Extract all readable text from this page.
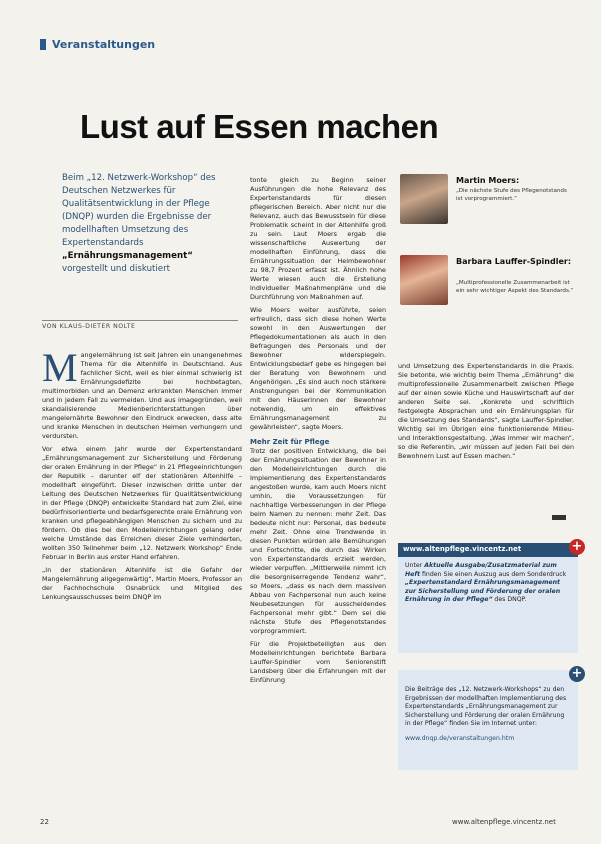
Veranstaltungen
Lust auf Essen machen
Beim „12. Netzwerk-Workshop“ des Deutschen Netzwerkes für Qualitätsentwicklung in der Pflege (DNQP) wurden die Ergebnisse der modellhaften Umsetzung des Expertenstandards „Ernährungsmanagement“ vorgestellt und diskutiert
VON KLAUS-DIETER NOLTE

Mangelernährung ist seit Jahren ein unangenehmes Thema für die Altenhilfe in Deutschland. Aus fachlicher Sicht, weil es hier einmal schwierig ist Ernährungsdefizite bei hochbetagten, multimorbiden und an Demenz erkrankten Menschen immer und in jedem Fall zu vermeiden. Und aus imagegründen, weil skandalisierende Medienberichterstattungen über mangelernährte Bewohner den Eindruck erwecken, dass alte und kranke Menschen in deutschen Heimen verhungern und verdursten.

Vor etwa einem Jahr wurde der Expertenstandard „Ernährungsmanagement zur Sicherstellung und Förderung der oralen Ernährung in der Pflege“ in 21 Pflegeeinrichtungen der Republik – darunter elf der stationären Altenhilfe – modellhaft eingeführt. Dieser inzwischen dritte unter der Leitung des Deutschen Netzwerkes für Qualitätsentwicklung in der Pflege (DNQP) entwickelte Standard hat zum Ziel, eine bedürfnisorientierte und bedarfsgerechte orale Ernährung von kranken und pflegeabhängigen Menschen zu sichern und zu fördern. Ob dies bei den Modelleinrichtungen gelang oder welche Umstände das Erreichen dieser Ziele verhinderten, wollten 350 Teilnehmer beim „12. Netzwerk Workshop“ Ende Februar in Berlin aus erster Hand erfahren.

„In der stationären Altenhilfe ist die Gefahr der Mangelernährung allgegenwärtig“, Martin Moers, Professor an der Fachhochschule Osnabrück und Mitglied des Lenkungsausschusses beim DNQP im

tonte gleich zu Beginn seiner Ausführungen die hohe Relevanz des Expertenstandards für diesen pflegerischen Bereich. Aber nicht nur die Relevanz, auch das Bewusstsein für diese Problematik scheint in der Altenhilfe groß zu sein. Laut Moers ergab die wissenschaftliche Auswertung der modellhaften Einführung, dass die Ernährungssituation der Heimbewohner zu 98,7 Prozent erfasst ist. Ähnlich hohe Werte wiesen auch die Erstellung individueller Maßnahmenpläne und die Durchführung von Maßnahmen auf.

Wie Moers weiter ausführte, seien erfreulich, dass sich diese hohen Werte sowohl in den Auswertungen der Pflegedokumentationen als auch in den Befragungen des Personals und der Bewohner widerspiegeln. Entwicklungsbedarf gebe es hingegen bei der Beratung von Bewohnern und Angehörigen. „Es sind auch noch stärkere Anstrengungen bei der Kommunikation mit den Häuserinnen der Bewohner notwendig, um ein effektives Ernährungsmanagement zu gewährleisten“, sagte Moers.

Mehr Zeit für Pflege

Trotz der positiven Entwicklung, die bei der Ernährungssituation der Bewohner in den Modelleinrichtungen durch die Implementierung des Expertenstandards angestoßen wurde, kam auch Moers nicht umhin, die Voraussetzungen für nachhaltige Verbesserungen in der Pflege beim Namen zu nennen: mehr Zeit. Das bedeute nicht nur: Personal, das bedeute mehr Zeit. Ohne eine Trendwende in diesen Punkten würden alle Bemühungen und Fortschritte, die durch das Wirken von Expertenstandards erzielt werden, wieder verpuffen. „Mittlerweile nimmt ich die besorgniserregende Tendenz wahr“, so Moers, „dass es nach dem massiven Abbau von Fachpersonal nun auch keine Neubesetzungen für ausscheidendes Fachpersonal mehr gibt.“ Dem sei die nächste Stufe des Pflegenotstandes vorprogrammiert.

Für die Projektbeteiligten aus den Modelleinrichtungen berichtete Barbara Lauffer-Spindler vom Seniorenstift Landsberg über die Erfahrungen mit der Einführung

Martin Moers:
„Die nächste Stufe des Pflegenotstands ist vorprogrammiert.“
Barbara Lauffer-Spindler:
„Multiprofessionelle Zusammenarbeit ist ein sehr wichtiger Aspekt des Standards.“

und Umsetzung des Expertenstandards in die Praxis. Sie betonte, wie wichtig beim Thema „Ernährung“ die multiprofessionelle Zusammenarbeit zwischen Pflege auf der einen sowie Küche und Hauswirtschaft auf der anderen Seite sei. „Konkrete und schriftlich festgelegte Absprachen und ein Ernährungsplan für die Umsetzung des Standards“, sagte Lauffer-Spindler. Wichtig sei im Übrigen eine funktionierende Milieu- und Interaktionsgestaltung. „Was immer wir machen“, so die Referentin, „wir müssen auf jeden Fall bei den Bewohnern Lust auf Essen machen.“

www.altenpflege.vincentz.net
Unter Aktuelle Ausgabe/Zusatzmaterial zum Heft finden Sie einen Auszug aus dem Sonderdruck „Expertenstandard Ernährungsmanagement zur Sicherstellung und Förderung der oralen Ernährung in der Pflege“ des DNQP.
+
Die Beiträge des „12. Netzwerk-Workshops“ zu den Ergebnissen der modellhaften Implementierung des Expertenstandards „Ernährungsmanagement zur Sicherstellung und Förderung der oralen Ernährung in der Pflege“ finden Sie im Internet unter:
www.dnqp.de/veranstaltungen.htm
+
22	www.altenpflege.vincentz.net
